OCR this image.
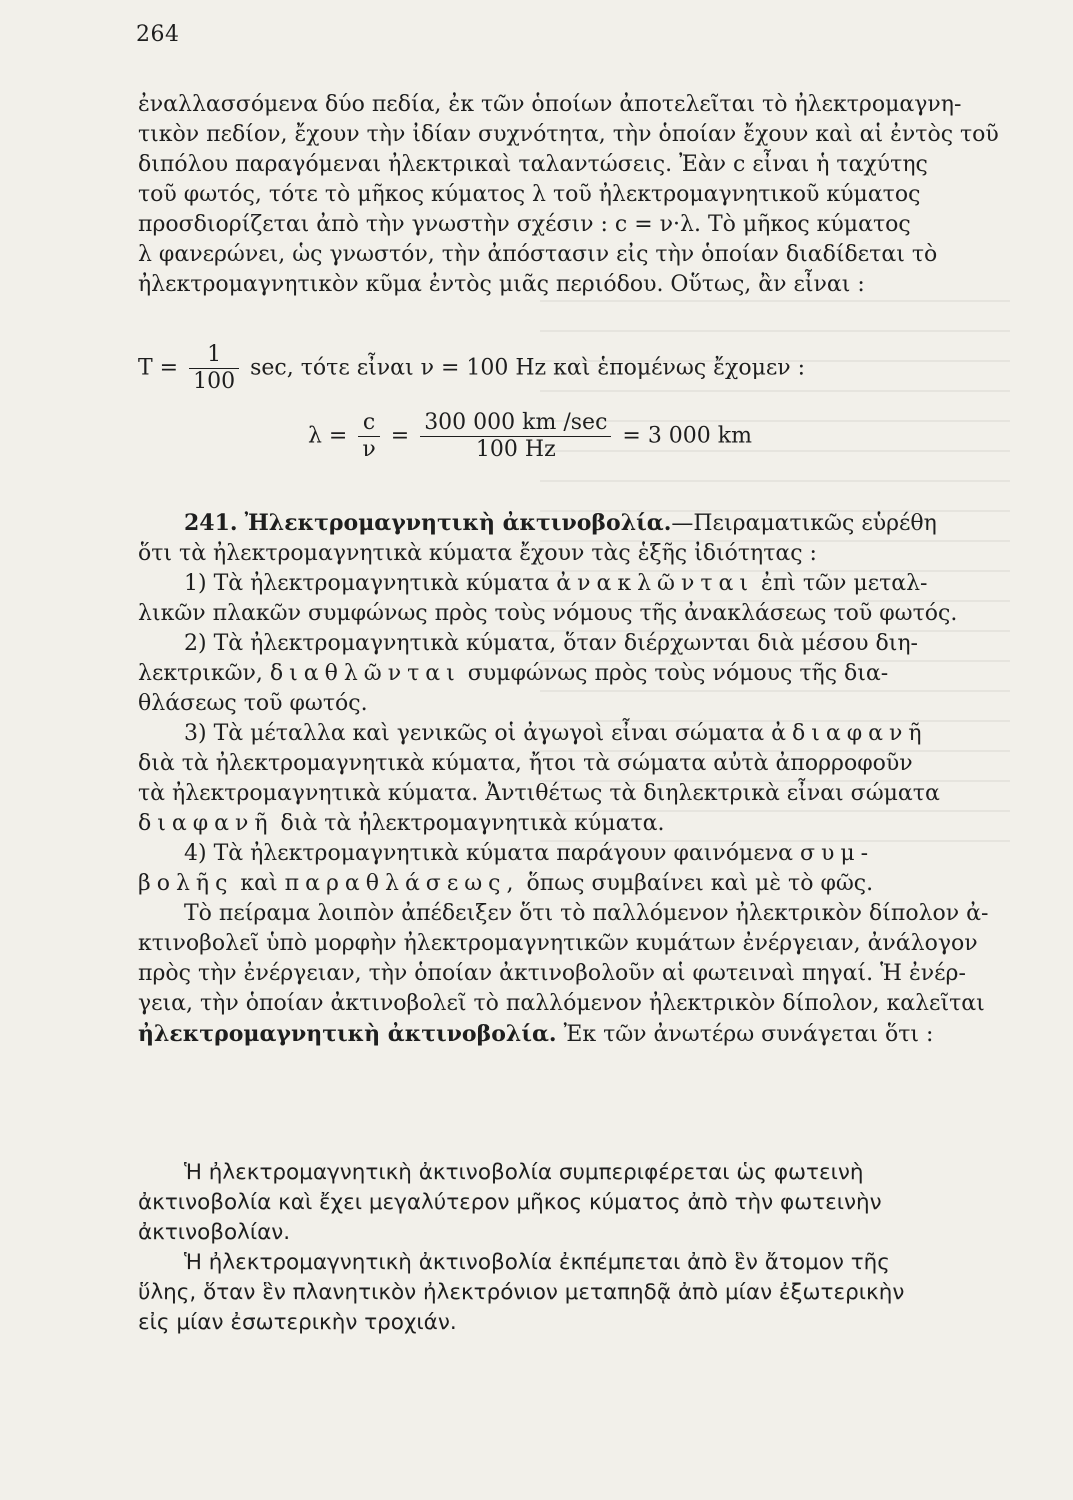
264
ἐναλλασσόμενα δύο πεδία, ἐκ τῶν ὁποίων ἀποτελεῖται τὸ ἠλεκτρομαγνη-
τικὸν πεδίον, ἔχουν τὴν ἰδίαν συχνότητα, τὴν ὁποίαν ἔχουν καὶ αἱ ἐντὸς τοῦ
διπόλου παραγόμεναι ἠλεκτρικαὶ ταλαντώσεις. Ἐὰν c εἶναι ἡ ταχύτης
τοῦ φωτός, τότε τὸ μῆκος κύματος λ τοῦ ἠλεκτρομαγνητικοῦ κύματος
προσδιορίζεται ἀπὸ τὴν γνωστὴν σχέσιν : c = ν·λ. Τὸ μῆκος κύματος
λ φανερώνει, ὡς γνωστόν, τὴν ἀπόστασιν εἰς τὴν ὁποίαν διαδίδεται τὸ
ἠλεκτρομαγνητικὸν κῦμα ἐντὸς μιᾶς περιόδου. Οὕτως, ἂν εἶναι :
$T = \frac{1}{100} \sec$, τότε εἶναι ν = 100 Hz καὶ ἑπομένως ἔχομεν :
$\lambda = \frac{c}{\nu} = \frac{300 000 km /\sec}{100 Hz} = 3$ 000 km
241. Ἠλεκτρομαγνητικὴ ἀκτινοβολία.—Πειραματικῶς εὑρέθη
ὅτι τὰ ἠλεκτρομαγνητικὰ κύματα ἔχουν τὰς ἑξῆς ἰδιότητας :
1) Τὰ ἠλεκτρομαγνητικὰ κύματα ἀνακλῶνται ἐπὶ τῶν μεταλ-
λικῶν πλακῶν συμφώνως πρὸς τοὺς νόμους τῆς ἀνακλάσεως τοῦ φωτός.
2) Τὰ ἠλεκτρομαγνητικὰ κύματα, ὅταν διέρχωνται διὰ μέσου διη-
λεκτρικῶν, διαθλῶνται συμφώνως πρὸς τοὺς νόμους τῆς δια-
θλάσεως τοῦ φωτός.
3) Τὰ μέταλλα καὶ γενικῶς οἱ ἀγωγοὶ εἶναι σώματα ἀδιαφανῆ
διὰ τὰ ἠλεκτρομαγνητικὰ κύματα, ἤτοι τὰ σώματα αὐτὰ ἀπορροφοῦν
τὰ ἠλεκτρομαγνητικὰ κύματα. Ἀντιθέτως τὰ διηλεκτρικὰ εἶναι σώματα
διαφανῆ διὰ τὰ ἠλεκτρομαγνητικὰ κύματα.
4) Τὰ ἠλεκτρομαγνητικὰ κύματα παράγουν φαινόμενα συμ-
βολῆς καὶ παραθλάσεως, ὅπως συμβαίνει καὶ μὲ τὸ φῶς.
Τὸ πείραμα λοιπὸν ἀπέδειξεν ὅτι τὸ παλλόμενον ἠλεκτρικὸν δίπολον ἀ-
κτινοβολεῖ ὑπὸ μορφὴν ἠλεκτρομαγνητικῶν κυμάτων ἐνέργειαν, ἀνάλογον
πρὸς τὴν ἐνέργειαν, τὴν ὁποίαν ἀκτινοβολοῦν αἱ φωτειναὶ πηγαί. Ἡ ἐνέρ-
γεια, τὴν ὁποίαν ἀκτινοβολεῖ τὸ παλλόμενον ἠλεκτρικὸν δίπολον, καλεῖται
ἠλεκτρομαγνητικὴ ἀκτινοβολία. Ἐκ τῶν ἀνωτέρω συνάγεται ὅτι :
Ἡ ἠλεκτρομαγνητικὴ ἀκτινοβολία συμπεριφέρεται ὡς φωτεινὴ
ἀκτινοβολία καὶ ἔχει μεγαλύτερον μῆκος κύματος ἀπὸ τὴν φωτεινὴν
ἀκτινοβολίαν.
Ἡ ἠλεκτρομαγνητικὴ ἀκτινοβολία ἐκπέμπεται ἀπὸ ἓν ἄτομον τῆς
ὕλης, ὅταν ἓν πλανητικὸν ἠλεκτρόνιον μεταπηδᾷ ἀπὸ μίαν ἐξωτερικὴν
εἰς μίαν ἐσωτερικὴν τροχιάν.
